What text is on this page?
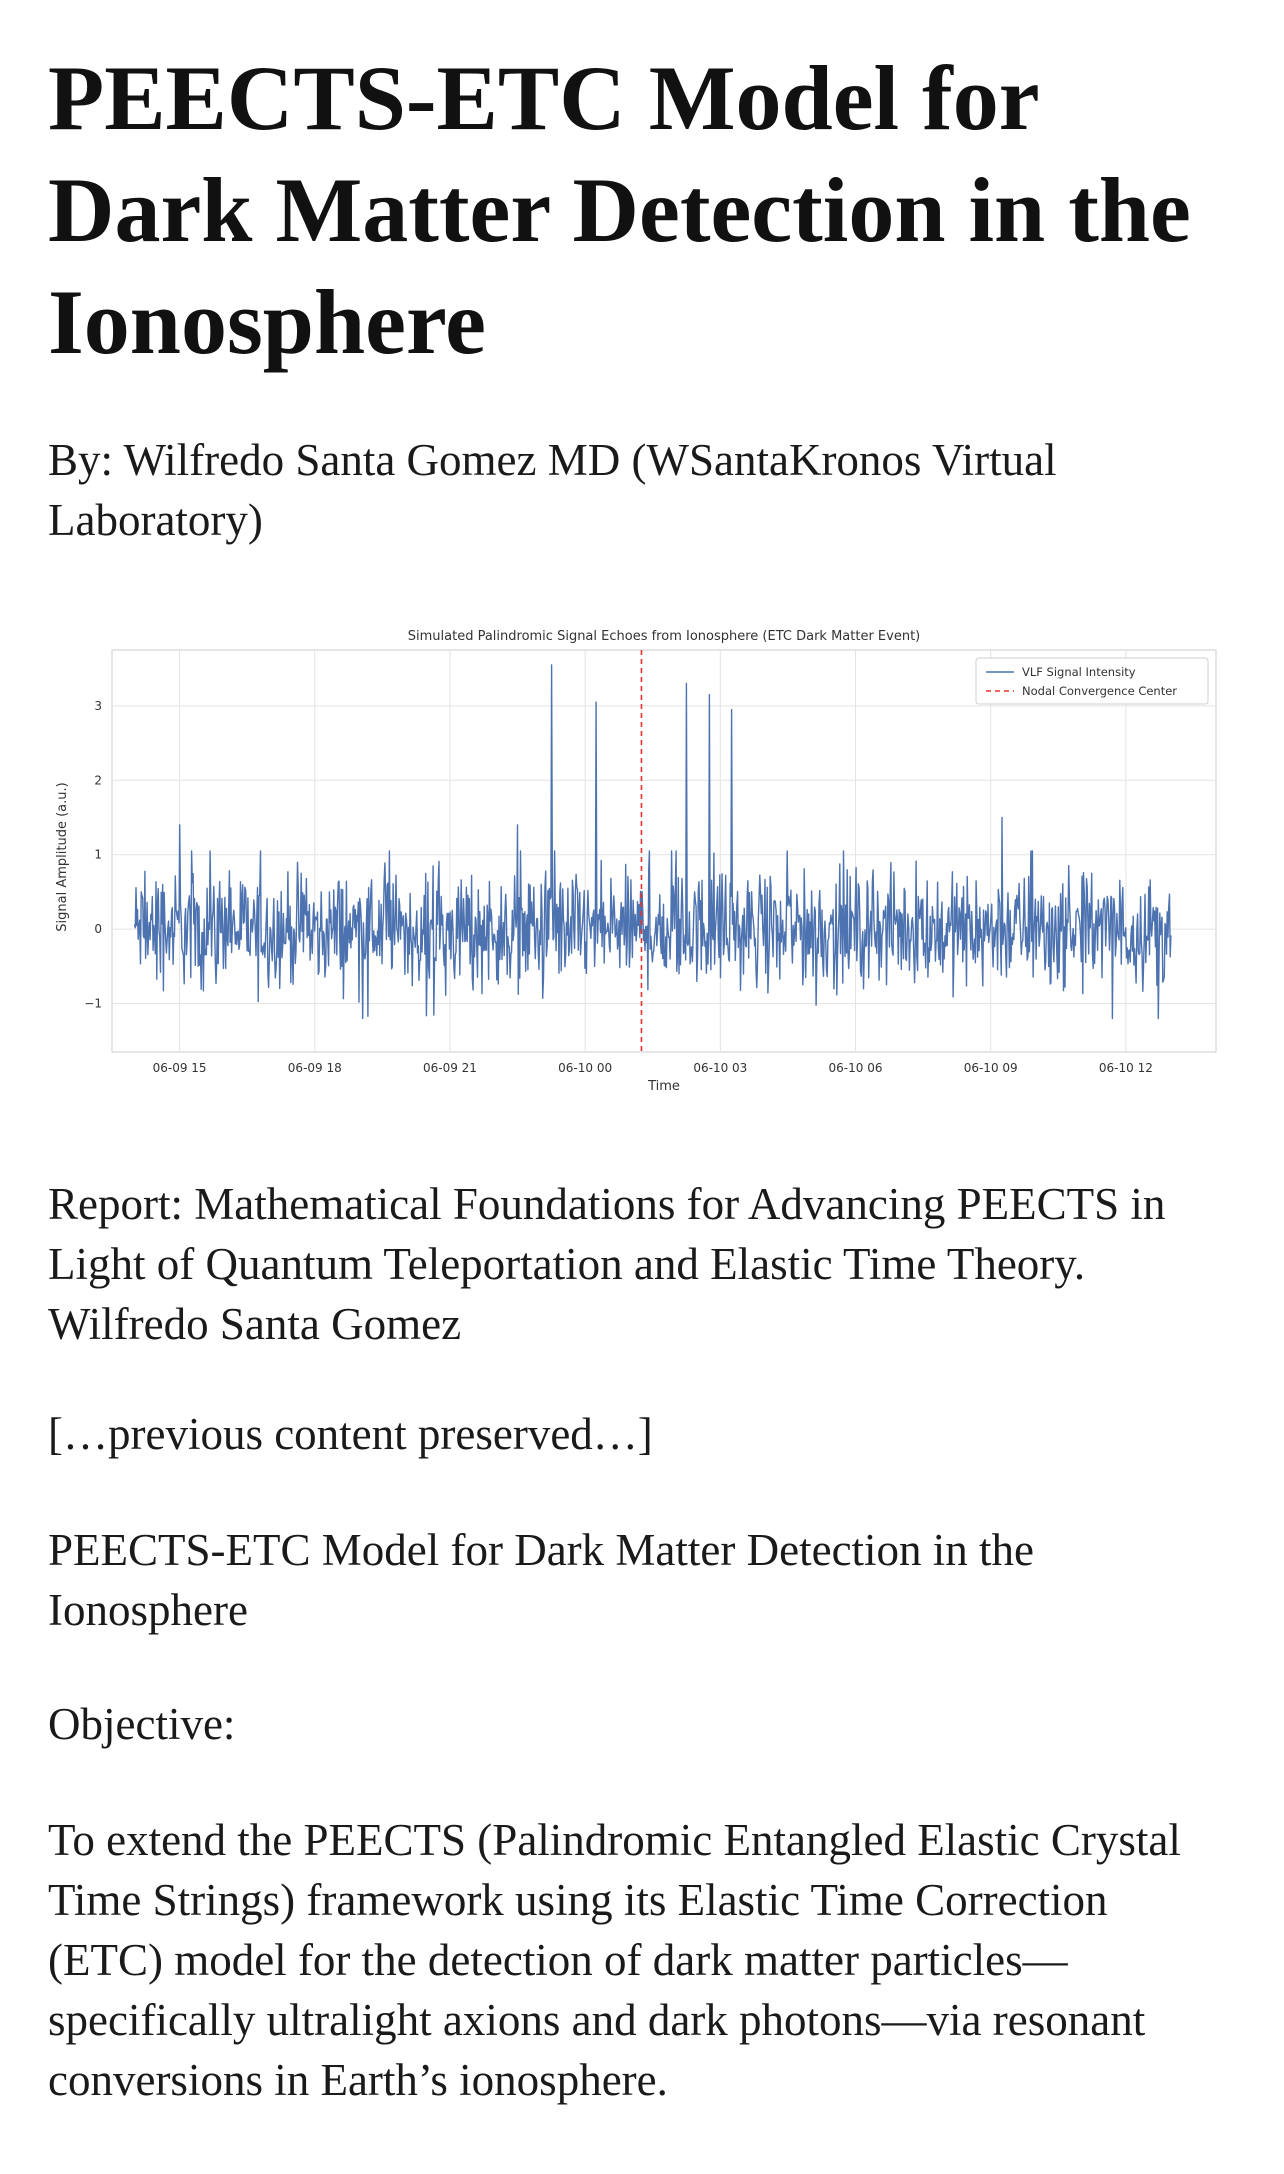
PEECTS-ETC Model for Dark Matter Detection in the Ionosphere

By: Wilfredo Santa Gomez MD (WSantaKronos Virtual Laboratory)

06-09 15	06-09 18	06-09 21	06-10 00	06-10 03	06-10 06	06-10 09	06-10 12
−1
0
1
2
3
Simulated Palindromic Signal Echoes from Ionosphere (ETC Dark Matter Event)
Time
Signal Amplitude (a.u.)
VLF Signal Intensity
Nodal Convergence Center

Report: Mathematical Foundations for Advancing PEECTS in Light of Quantum Teleportation and Elastic Time Theory. Wilfredo Santa Gomez

[…previous content preserved…]

PEECTS-ETC Model for Dark Matter Detection in the Ionosphere

Objective:

To extend the PEECTS (Palindromic Entangled Elastic Crystal Time Strings) framework using its Elastic Time Correction (ETC) model for the detection of dark matter particles—specifically ultralight axions and dark photons—via resonant conversions in Earth’s ionosphere.
